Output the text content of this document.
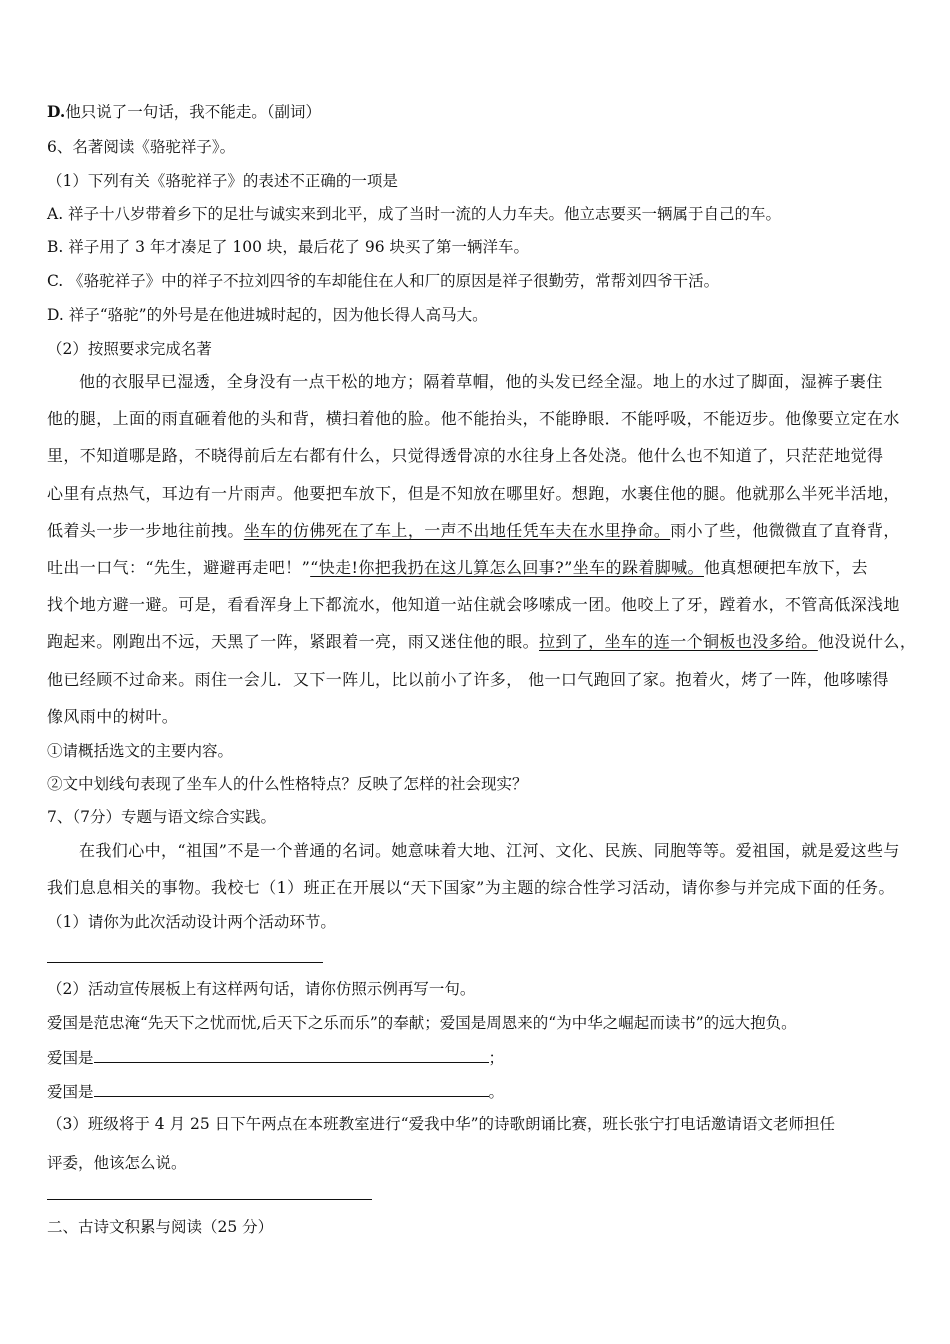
D.他只说了一句话，我不能走。（副词）
6、名著阅读《骆驼祥子》。
（1）下列有关《骆驼祥子》的表述不正确的一项是
A. 祥子十八岁带着乡下的足壮与诚实来到北平，成了当时一流的人力车夫。他立志要买一辆属于自己的车。
B. 祥子用了 3 年才凑足了 100 块，最后花了 96 块买了第一辆洋车。
C. 《骆驼祥子》中的祥子不拉刘四爷的车却能住在人和厂的原因是祥子很勤劳，常帮刘四爷干活。
D. 祥子“骆驼”的外号是在他进城时起的，因为他长得人高马大。
（2）按照要求完成名著
他的衣服早已湿透，全身没有一点干松的地方；隔着草帽，他的头发已经全湿。地上的水过了脚面，湿裤子裹住
他的腿，上面的雨直砸着他的头和背，横扫着他的脸。他不能抬头，不能睁眼．不能呼吸，不能迈步。他像要立定在水
里，不知道哪是路，不晓得前后左右都有什么，只觉得透骨凉的水往身上各处浇。他什么也不知道了，只茫茫地觉得
心里有点热气，耳边有一片雨声。他要把车放下，但是不知放在哪里好。想跑，水裹住他的腿。他就那么半死半活地，
低着头一步一步地往前拽。坐车的仿佛死在了车上，一声不出地任凭车夫在水里挣命。雨小了些，他微微直了直脊背，
吐出一口气：“先生，避避再走吧！”“快走!你把我扔在这儿算怎么回事?”坐车的跺着脚喊。他真想硬把车放下，去
找个地方避一避。可是，看看浑身上下都流水，他知道一站住就会哆嗦成一团。他咬上了牙，蹚着水，不管高低深浅地
跑起来。刚跑出不远，天黑了一阵，紧跟着一亮，雨又迷住他的眼。拉到了，坐车的连一个铜板也没多给。他没说什么，
他已经顾不过命来。雨住一会儿．又下一阵儿，比以前小了许多， 他一口气跑回了家。抱着火，烤了一阵，他哆嗦得
像风雨中的树叶。
①请概括选文的主要内容。
②文中划线句表现了坐车人的什么性格特点？反映了怎样的社会现实？
7、（7分）专题与语文综合实践。
在我们心中，“祖国”不是一个普通的名词。她意味着大地、江河、文化、民族、同胞等等。爱祖国，就是爱这些与
我们息息相关的事物。我校七（1）班正在开展以“天下国家”为主题的综合性学习活动，请你参与并完成下面的任务。
（1）请你为此次活动设计两个活动环节。
（2）活动宣传展板上有这样两句话，请你仿照示例再写一句。
爱国是范忠淹“先天下之忧而忧,后天下之乐而乐”的奉献；爱国是周恩来的“为中华之崛起而读书”的远大抱负。
爱国是	；
爱国是	。
（3）班级将于 4 月 25 日下午两点在本班教室进行“爱我中华”的诗歌朗诵比赛，班长张宁打电话邀请语文老师担任
评委，他该怎么说。
二、古诗文积累与阅读（25 分）
